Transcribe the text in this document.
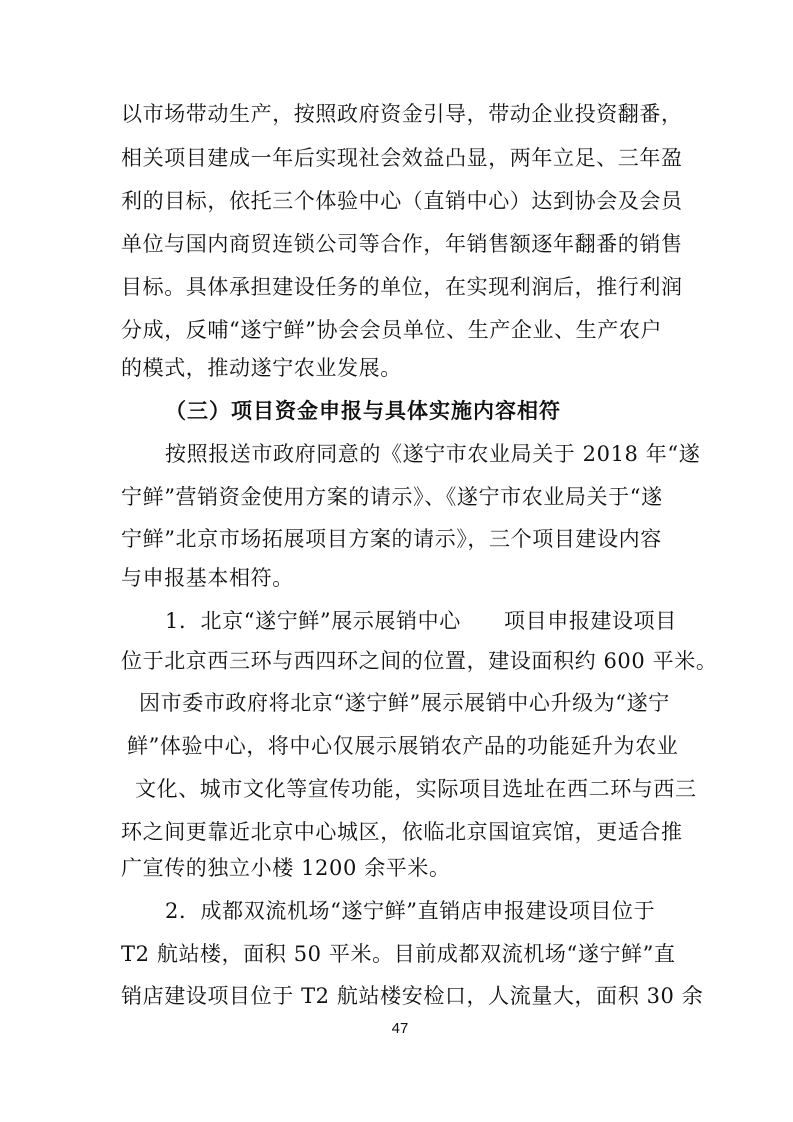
以市场带动生产，按照政府资金引导，带动企业投资翻番，
相关项目建成一年后实现社会效益凸显，两年立足、三年盈
利的目标，依托三个体验中心（直销中心）达到协会及会员
单位与国内商贸连锁公司等合作，年销售额逐年翻番的销售
目标。具体承担建设任务的单位，在实现利润后，推行利润
分成，反哺“遂宁鲜”协会会员单位、生产企业、生产农户
的模式，推动遂宁农业发展。
（三）项目资金申报与具体实施内容相符
按照报送市政府同意的《遂宁市农业局关于 2018 年“遂
宁鲜”营销资金使用方案的请示》、《遂宁市农业局关于“遂
宁鲜”北京市场拓展项目方案的请示》，三个项目建设内容
与申报基本相符。
1．北京“遂宁鲜”展示展销中心　　项目申报建设项目
位于北京西三环与西四环之间的位置，建设面积约 600 平米。
因市委市政府将北京“遂宁鲜”展示展销中心升级为“遂宁
鲜”体验中心，将中心仅展示展销农产品的功能延升为农业
文化、城市文化等宣传功能，实际项目选址在西二环与西三
环之间更靠近北京中心城区，依临北京国谊宾馆，更适合推
广宣传的独立小楼 1200 余平米。
2．成都双流机场“遂宁鲜”直销店申报建设项目位于
T2 航站楼，面积 50 平米。目前成都双流机场“遂宁鲜”直
销店建设项目位于 T2 航站楼安检口，人流量大，面积 30 余
47
